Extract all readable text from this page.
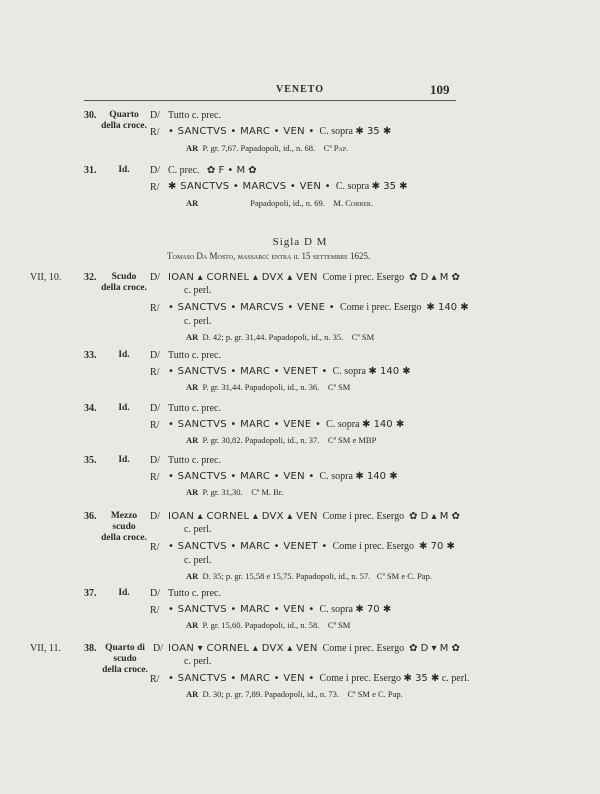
VENETO	109
30.	Quarto
della croce.
D/ Tutto c. prec.
R/ • SANCTVS • MARC • VEN • C. sopra ✱ 35 ✱
AR P. gr. 7,67. Papadopoli, id., n. 68. Cª Pap.
31.	Id.	D/ C. prec. ✿ F • M ✿
R/ ✱ SANCTVS • MARCVS • VEN • C. sopra ✱ 35 ✱
AR	Papadopoli, id., n. 69. M. Correr.
Sigla D M
Tomaso Da Mosto, massaro: entra il 15 settembre 1625.
VII, 10. 32.	Scudo
della croce.
D/ IOAN ▴ CORNEL ▴ DVX ▴ VEN Come i prec. Esergo ✿ D ▴ M ✿
c. perl.
R/ • SANCTVS • MARCVS • VENE • Come i prec. Esergo ✱ 140 ✱
c. perl.
AR D. 42; p. gr. 31,44. Papadopoli, id., n. 35. Cª SM
33.	Id.	D/ Tutto c. prec.
R/ • SANCTVS • MARC • VENET • C. sopra ✱ 140 ✱
AR P. gr. 31,44. Papadopoli, id., n. 36. Cª SM
34.	Id.	D/ Tutto c. prec.
R/ • SANCTVS • MARC • VENE • C. sopra ✱ 140 ✱
AR P. gr. 30,82. Papadopoli, id., n. 37. Cª SM e MBP
35.	Id.	D/ Tutto c. prec.
R/ • SANCTVS • MARC • VEN • C. sopra ✱ 140 ✱
AR P. gr. 31,30. Cª M. Br.
36.	Mezzo scudo
della croce.
D/ IOAN ▴ CORNEL ▴ DVX ▴ VEN Come i prec. Esergo ✿ D ▴ M ✿
c. perl.
R/ • SANCTVS • MARC • VENET • Come i prec. Esergo ✱ 70 ✱
c. perl.
AR D. 35; p. gr. 15,58 e 15,75. Papadopoli, id., n. 57. Cª SM e C. Pap.
37.	Id.	D/ Tutto c. prec.
R/ • SANCTVS • MARC • VEN • C. sopra ✱ 70 ✱
AR P. gr. 15,60. Papadopoli, id., n. 58. Cª SM
VII, 11. 38. Quarto di scudo
della croce.
D/ IOAN ▾ CORNEL ▴ DVX ▴ VEN Come i prec. Esergo ✿ D ▾ M ✿
c. perl.
R/ • SANCTVS • MARC • VEN • Come i prec. Esergo ✱ 35 ✱ c. perl.
AR D. 30; p. gr. 7,89. Papadopoli, id., n. 73. Cª SM e C. Pap.
